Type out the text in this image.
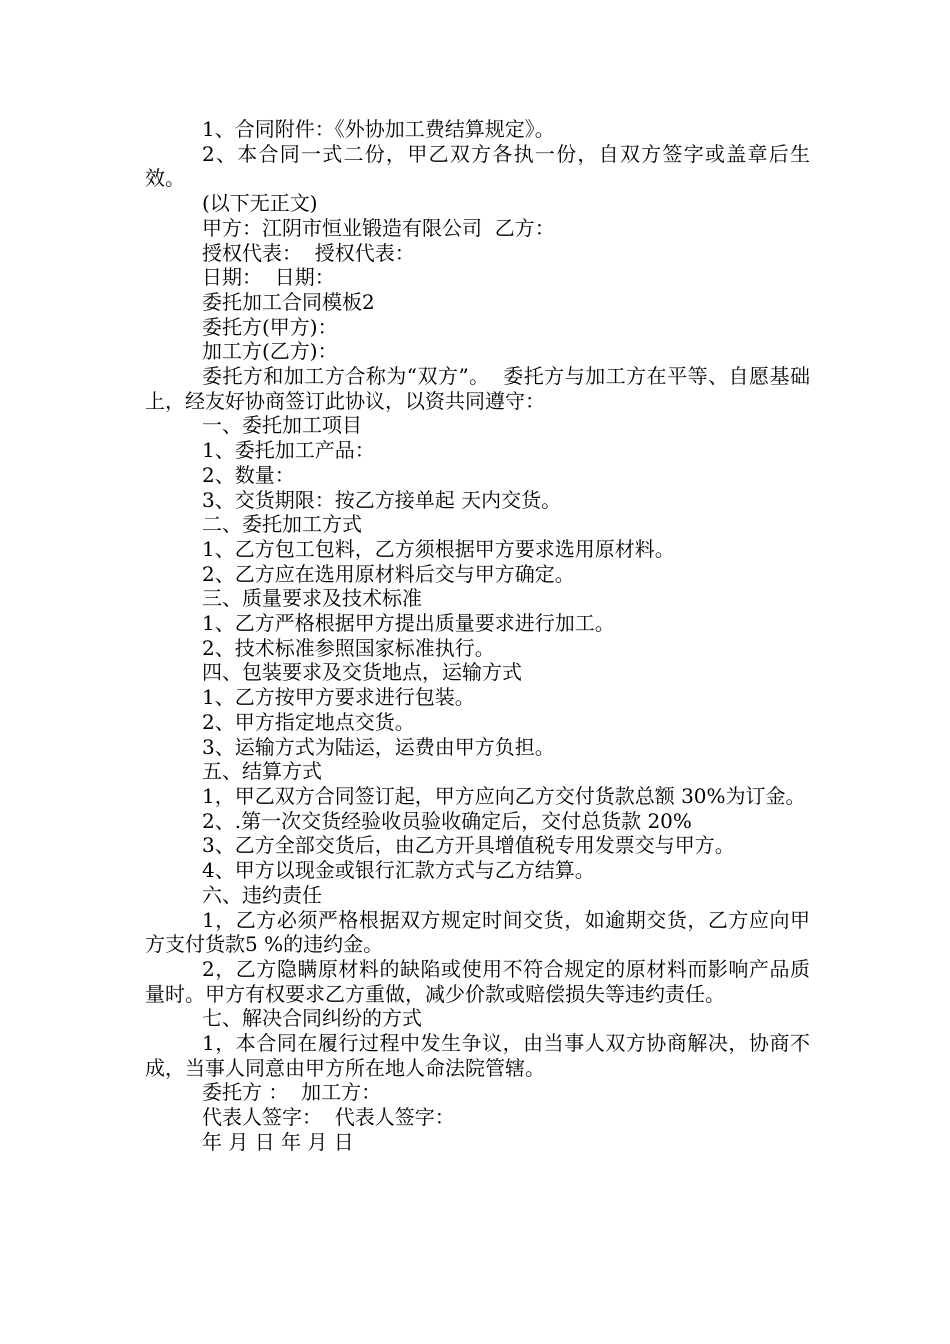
1、合同附件：《外协加工费结算规定》。

2、本合同一式二份，甲乙双方各执一份，自双方签字或盖章后生效。

(以下无正文)

甲方：江阴市恒业锻造有限公司  乙方：

授权代表：  授权代表：

日期：  日期：

委托加工合同模板2

委托方(甲方)：

加工方(乙方)：

委托方和加工方合称为“双方”。  委托方与加工方在平等、自愿基础上，经友好协商签订此协议，以资共同遵守：

一、委托加工项目

1、委托加工产品：

2、数量：

3、交货期限：按乙方接单起 天内交货。

二、委托加工方式

1、乙方包工包料，乙方须根据甲方要求选用原材料。

2、乙方应在选用原材料后交与甲方确定。

三、质量要求及技术标准

1、乙方严格根据甲方提出质量要求进行加工。

2、技术标准参照国家标准执行。

四、包装要求及交货地点，运输方式

1、乙方按甲方要求进行包装。

2、甲方指定地点交货。

3、运输方式为陆运，运费由甲方负担。

五、结算方式

1，甲乙双方合同签订起，甲方应向乙方交付货款总额 30%为订金。

2、.第一次交货经验收员验收确定后，交付总货款 20%

3、乙方全部交货后，由乙方开具增值税专用发票交与甲方。

4、甲方以现金或银行汇款方式与乙方结算。

六、违约责任

1，乙方必须严格根据双方规定时间交货，如逾期交货，乙方应向甲方支付货款5 %的违约金。

2，乙方隐瞒原材料的缺陷或使用不符合规定的原材料而影响产品质量时。甲方有权要求乙方重做，减少价款或赔偿损失等违约责任。

七、解决合同纠纷的方式

1，本合同在履行过程中发生争议，由当事人双方协商解决，协商不成，当事人同意由甲方所在地人命法院管辖。

委托方 ：  加工方：

代表人签字：  代表人签字：

年 月 日 年 月 日
